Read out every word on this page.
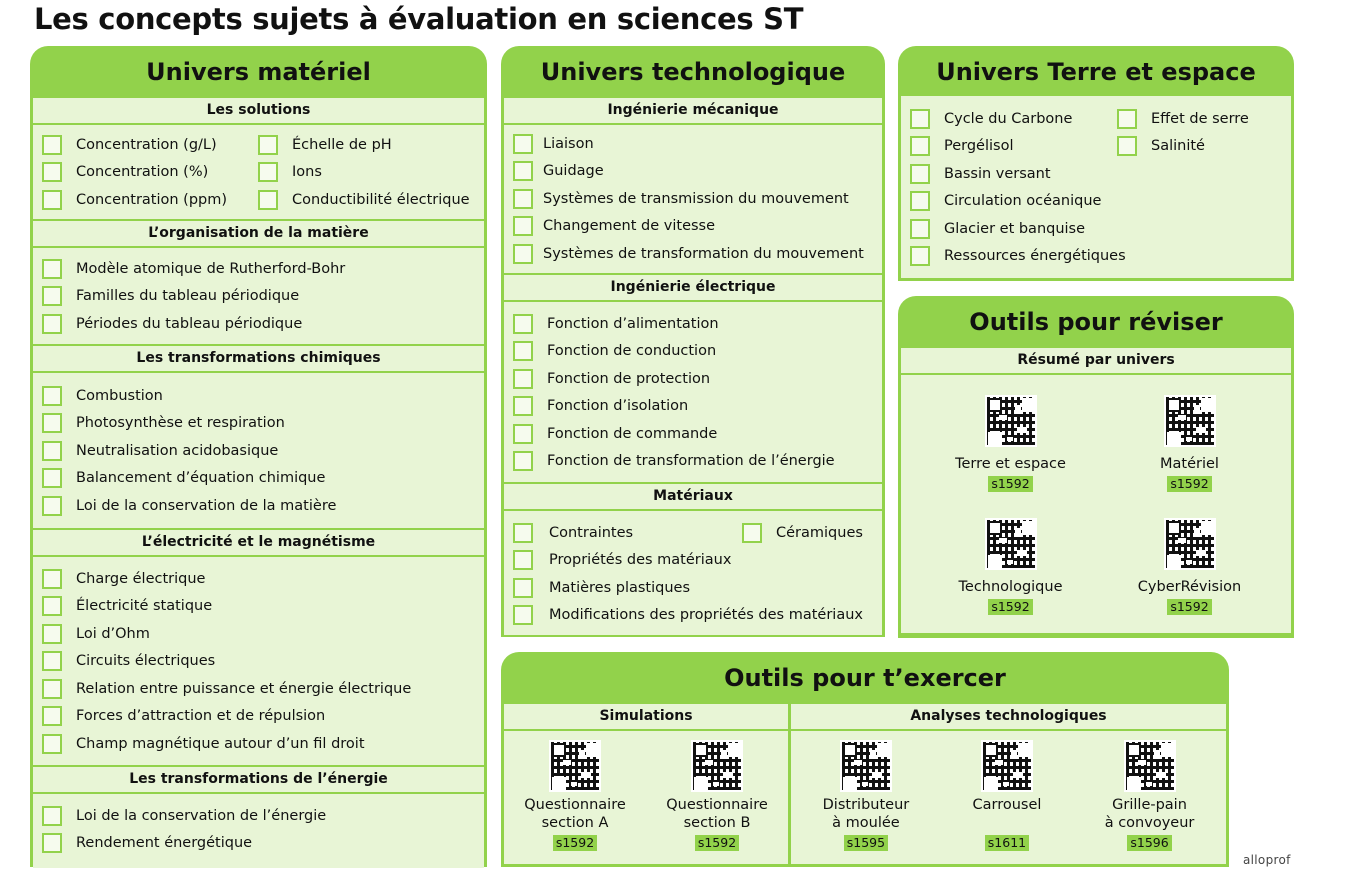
Les concepts sujets à évaluation en sciences ST
Univers matériel
Les solutions
Concentration (g/L)
Concentration (%)
Concentration (ppm)
Échelle de pH
Ions
Conductibilité électrique
L’organisation de la matière
Modèle atomique de Rutherford-Bohr
Familles du tableau périodique
Périodes du tableau périodique
Les transformations chimiques
Combustion
Photosynthèse et respiration
Neutralisation acidobasique
Balancement d’équation chimique
Loi de la conservation de la matière
L’électricité et le magnétisme
Charge électrique
Électricité statique
Loi d’Ohm
Circuits électriques
Relation entre puissance et énergie électrique
Forces d’attraction et de répulsion
Champ magnétique autour d’un fil droit
Les transformations de l’énergie
Loi de la conservation de l’énergie
Rendement énergétique
Univers technologique
Ingénierie mécanique
Liaison
Guidage
Systèmes de transmission du mouvement
Changement de vitesse
Systèmes de transformation du mouvement
Ingénierie électrique
Fonction d’alimentation
Fonction de conduction
Fonction de protection
Fonction d’isolation
Fonction de commande
Fonction de transformation de l’énergie
Matériaux
Contraintes
Propriétés des matériaux
Matières plastiques
Modifications des propriétés des matériaux
Céramiques
Univers Terre et espace
Cycle du Carbone
Pergélisol
Bassin versant
Circulation océanique
Glacier et banquise
Ressources énergétiques
Effet de serre
Salinité
Outils pour réviser
Résumé par univers
Terre et espace
s1592
Matériel
s1592
Technologique
s1592
CyberRévision
s1592
Outils pour t’exercer
Simulations
Questionnaire
section A
s1592
Questionnaire
section B
s1592
Analyses technologiques
Distributeur
à moulée
s1595
Carrousel
s1611
Grille-pain
à convoyeur
s1596
alloprof
